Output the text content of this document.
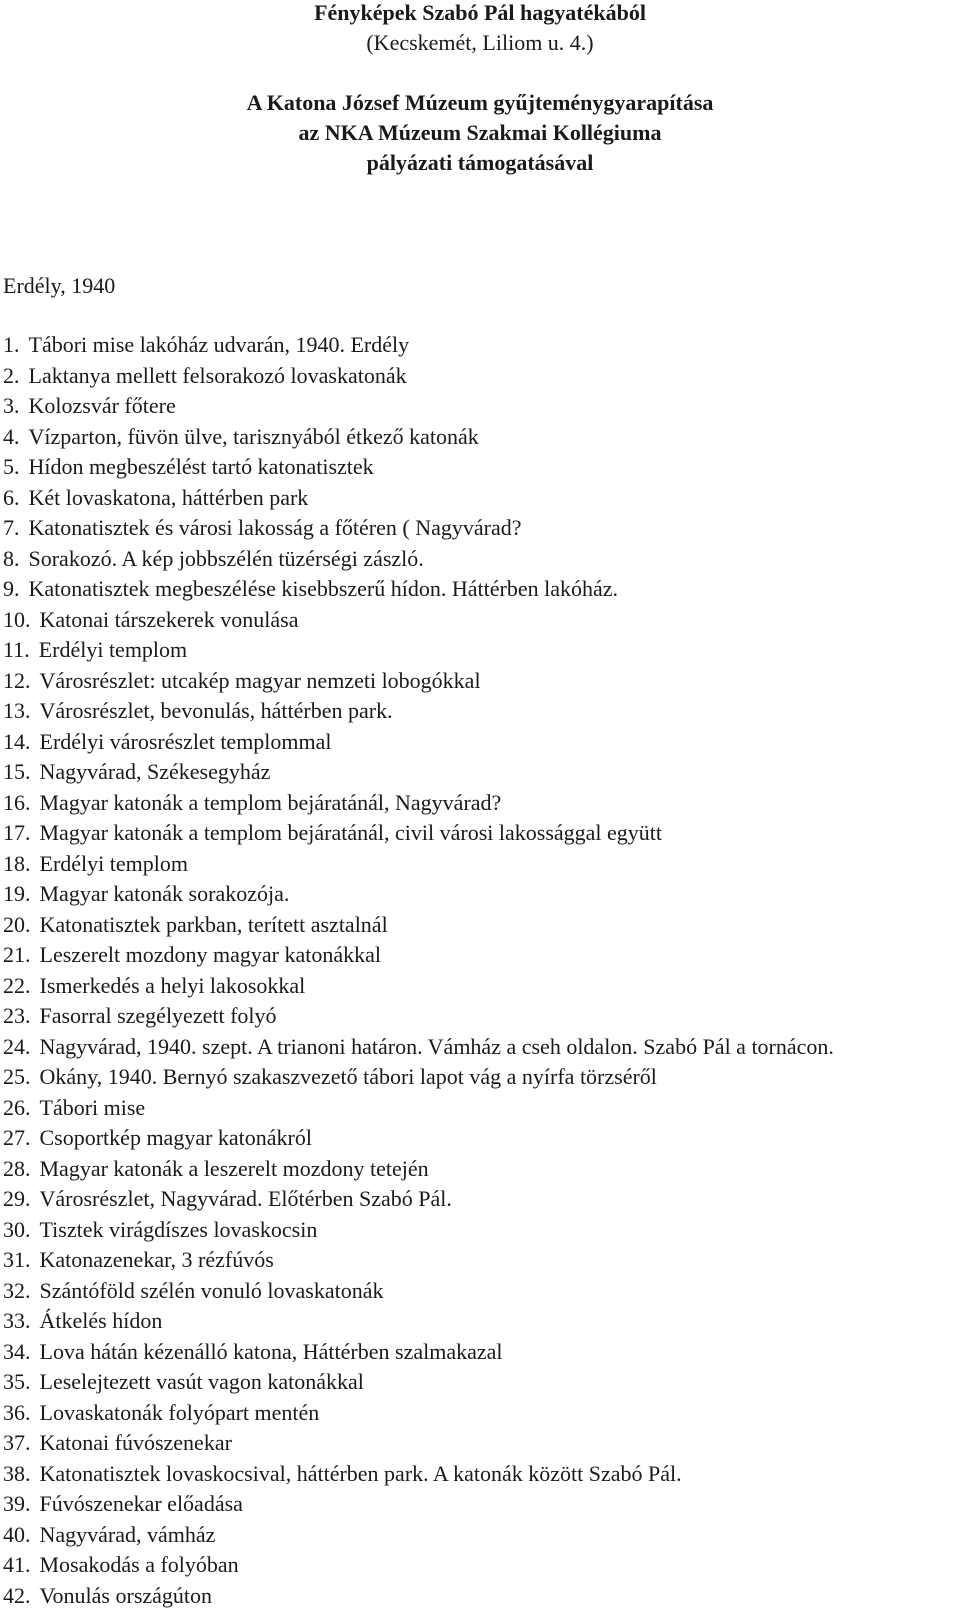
Fényképek Szabó Pál hagyatékából
(Kecskemét, Liliom u. 4.)
A Katona József Múzeum gyűjteménygyarapítása
az NKA Múzeum Szakmai Kollégiuma
pályázati támogatásával
Erdély, 1940
1. Tábori mise lakóház udvarán, 1940. Erdély
2. Laktanya mellett felsorakozó lovaskatonák
3. Kolozsvár főtere
4. Vízparton, füvön ülve, tarisznyából étkező katonák
5. Hídon megbeszélést tartó katonatisztek
6. Két lovaskatona, háttérben park
7. Katonatisztek és városi lakosság a főtéren ( Nagyvárad?
8. Sorakozó. A kép jobbszélén tüzérségi zászló.
9. Katonatisztek megbeszélése kisebbszerű hídon. Háttérben lakóház.
10. Katonai társzekerek vonulása
11. Erdélyi templom
12. Városrészlet: utcakép magyar nemzeti lobogókkal
13. Városrészlet, bevonulás, háttérben park.
14. Erdélyi városrészlet templommal
15. Nagyvárad, Székesegyház
16. Magyar katonák a templom bejáratánál, Nagyvárad?
17. Magyar katonák a templom bejáratánál, civil városi lakossággal együtt
18. Erdélyi templom
19. Magyar katonák sorakozója.
20. Katonatisztek parkban, terített asztalnál
21. Leszerelt mozdony magyar katonákkal
22. Ismerkedés a helyi lakosokkal
23. Fasorral szegélyezett folyó
24. Nagyvárad, 1940. szept. A trianoni határon. Vámház a cseh oldalon. Szabó Pál a tornácon.
25. Okány, 1940. Bernyó szakaszvezető tábori lapot vág a nyírfa törzséről
26. Tábori mise
27. Csoportkép magyar katonákról
28. Magyar katonák a leszerelt mozdony tetején
29. Városrészlet, Nagyvárad. Előtérben Szabó Pál.
30. Tisztek virágdíszes lovaskocsin
31. Katonazenekar, 3 rézfúvós
32. Szántóföld szélén vonuló lovaskatonák
33. Átkelés hídon
34. Lova hátán kézenálló katona, Háttérben szalmakazal
35. Leselejtezett vasút vagon katonákkal
36. Lovaskatonák folyópart mentén
37. Katonai fúvószenekar
38. Katonatisztek lovaskocsival, háttérben park. A katonák között Szabó Pál.
39. Fúvószenekar előadása
40. Nagyvárad, vámház
41. Mosakodás a folyóban
42. Vonulás országúton
